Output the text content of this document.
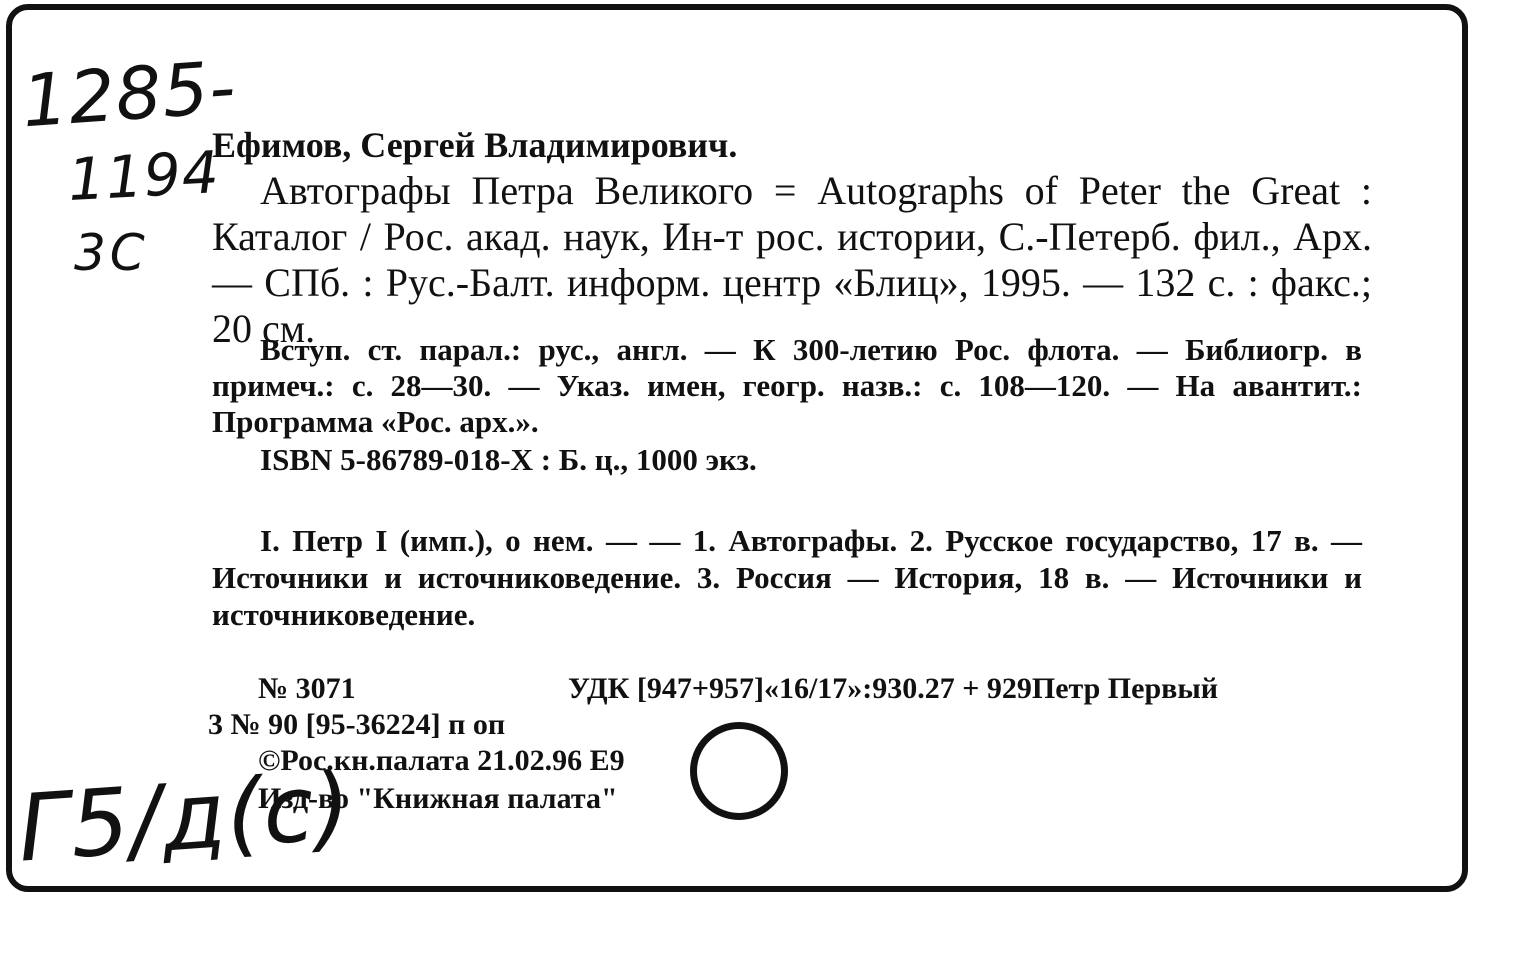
1285-
1194
3C
Г5/д(с)
Ефимов, Сергей Владимирович.
Автографы Петра Великого = Autographs of Peter the Great : Каталог / Рос. акад. наук, Ин-т рос. истории, С.-Петерб. фил., Арх. — СПб. : Рус.-Балт. информ. центр «Блиц», 1995. — 132 с. : факс.; 20 см.

Вступ. ст. парал.: рус., англ. — К 300-летию Рос. флота. — Библиогр. в примеч.: с. 28—30. — Указ. имен, геогр. назв.: с. 108—120. — На авантит.: Программа «Рос. арх.».

ISBN 5-86789-018-Х : Б. ц., 1000 экз.

I. Петр I (имп.), о нем. — — 1. Автографы. 2. Русское государство, 17 в. — Источники и источниковедение. 3. Россия — История, 18 в. — Источники и источниковедение.
№ 3071	УДК [947+957]«16/17»:930.27 + 929Петр Первый
3 № 90 [95-36224] п оп
©Рос.кн.палата 21.02.96 Е9
Изд-во "Книжная палата"
